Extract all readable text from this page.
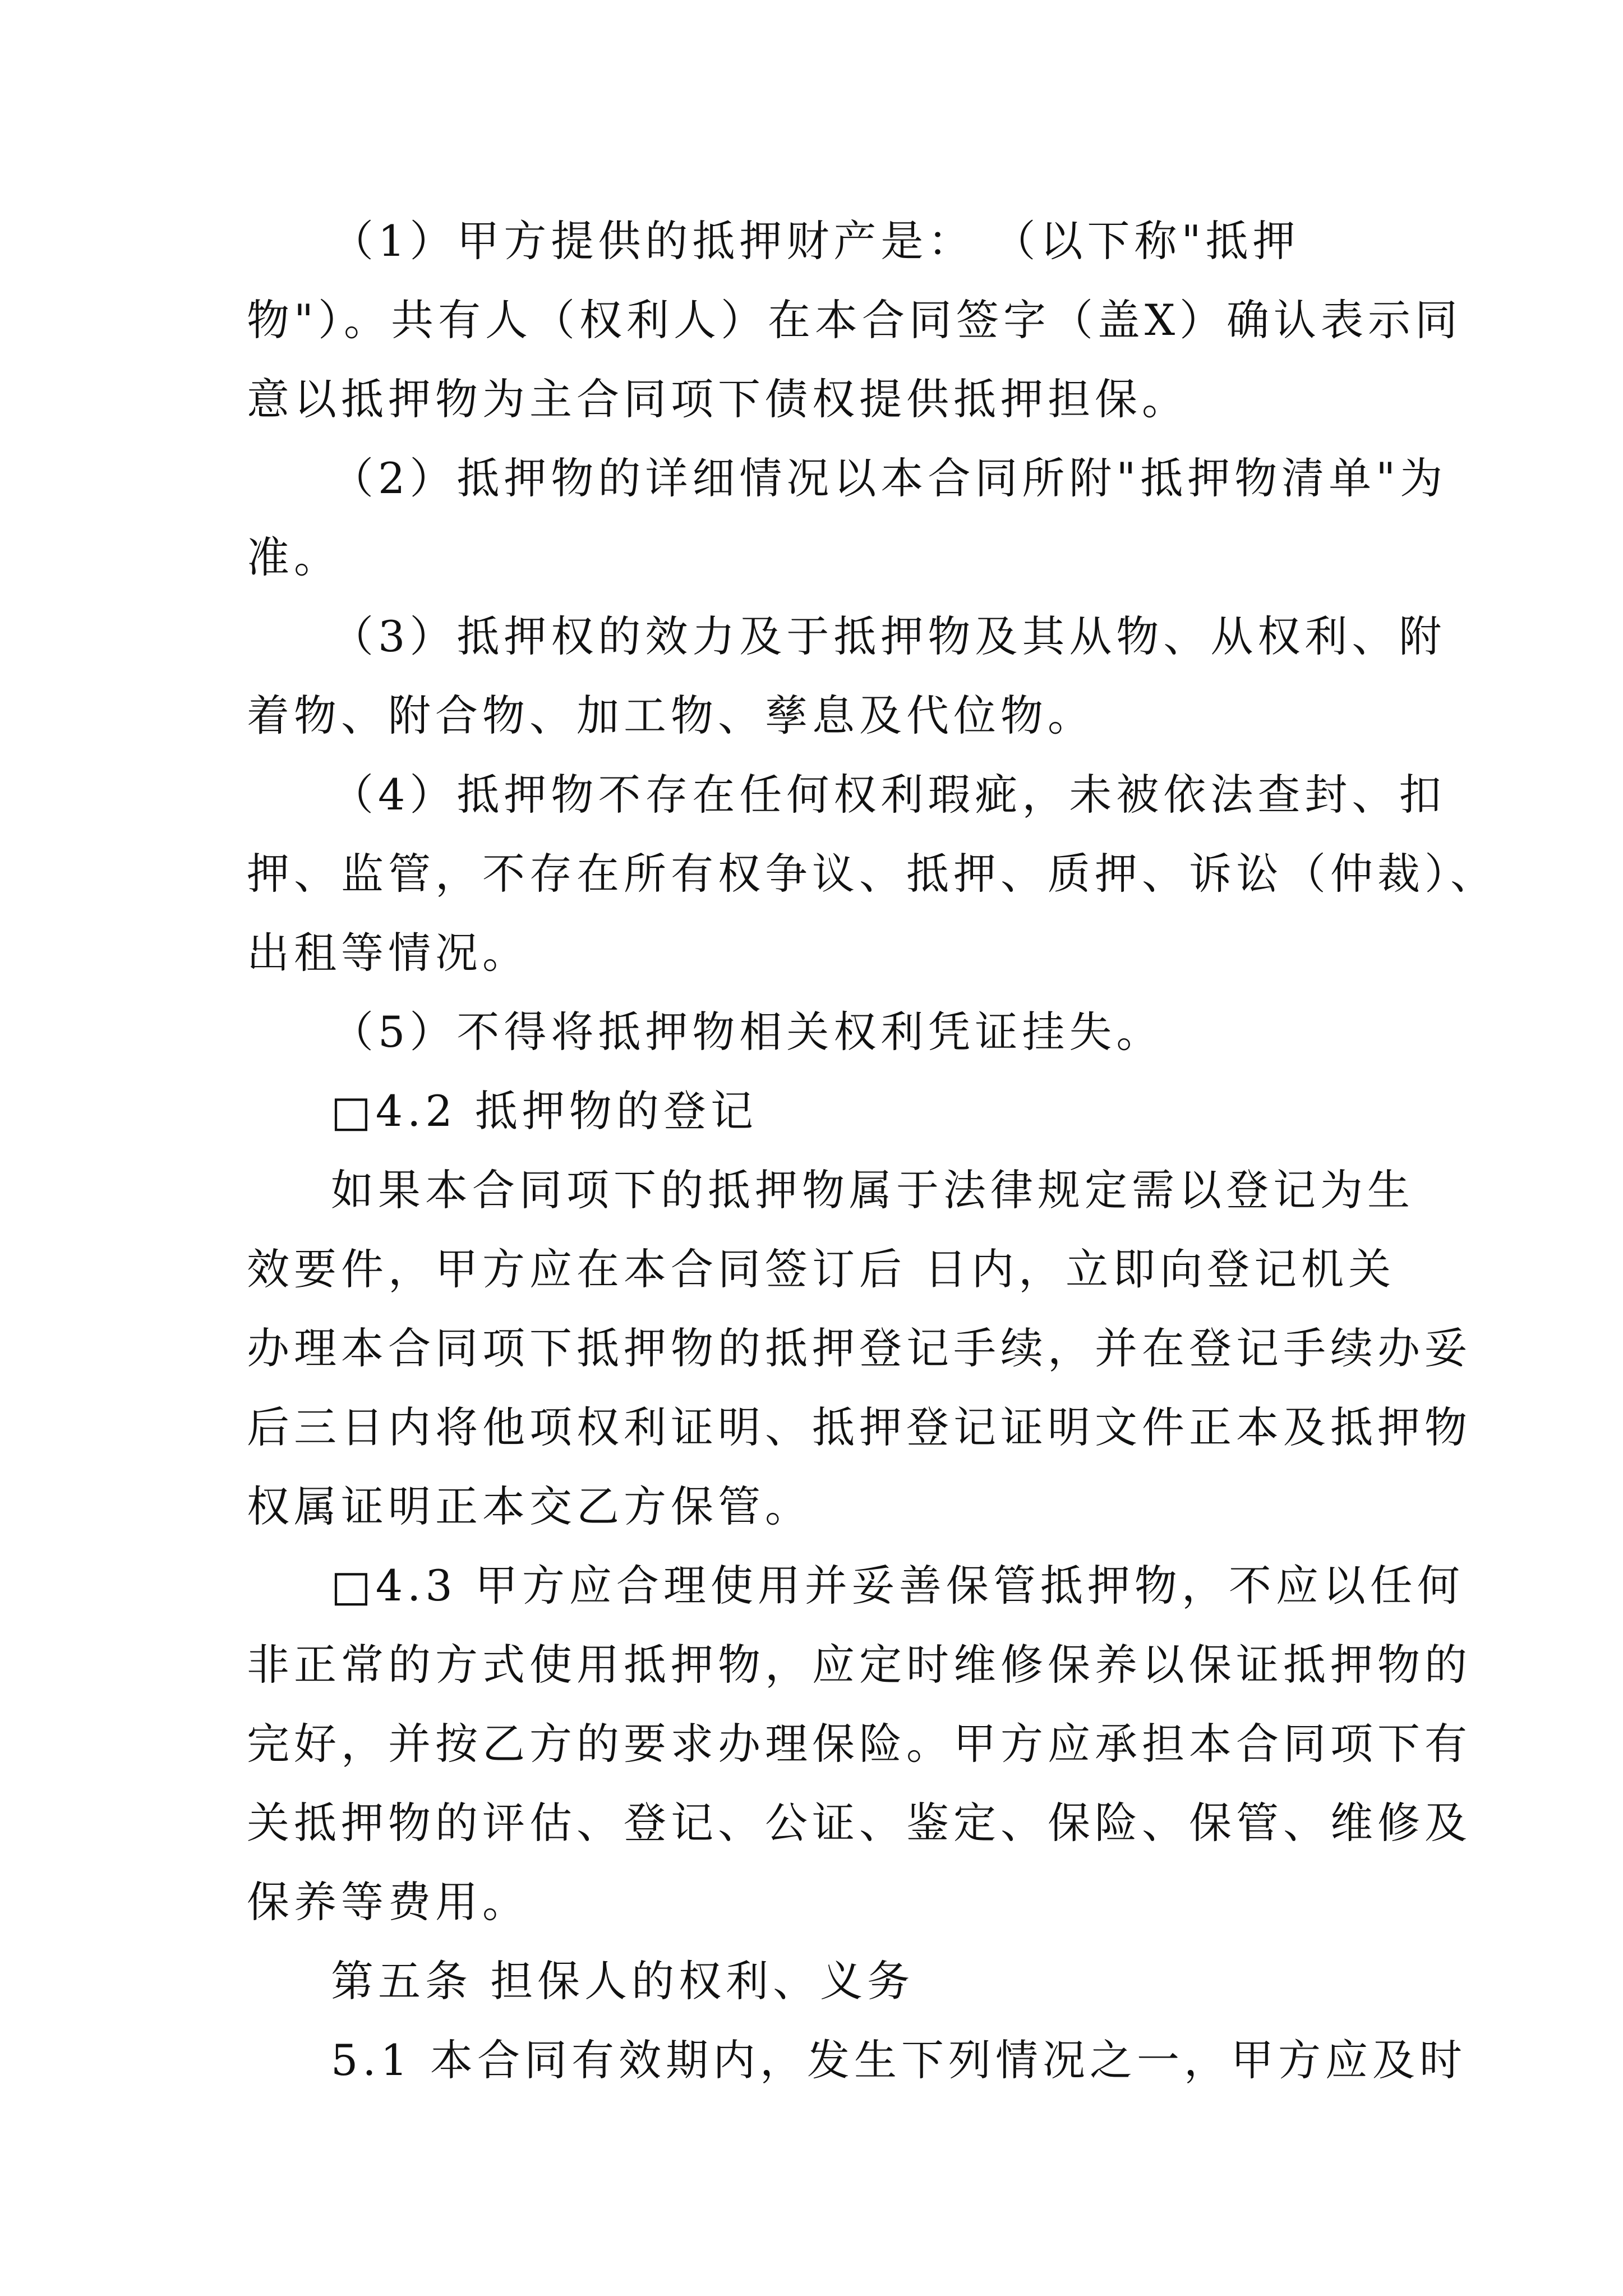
（1）甲方提供的抵押财产是： （以下称"抵押
物"）。共有人（权利人）在本合同签字（盖X）确认表示同
意以抵押物为主合同项下债权提供抵押担保。
（2）抵押物的详细情况以本合同所附"抵押物清单"为
准。
（3）抵押权的效力及于抵押物及其从物、从权利、附
着物、附合物、加工物、孳息及代位物。
（4）抵押物不存在任何权利瑕疵，未被依法查封、扣
押、监管，不存在所有权争议、抵押、质押、诉讼（仲裁）、
出租等情况。
（5）不得将抵押物相关权利凭证挂失。
□4.2 抵押物的登记
如果本合同项下的抵押物属于法律规定需以登记为生
效要件，甲方应在本合同签订后 日内，立即向登记机关
办理本合同项下抵押物的抵押登记手续，并在登记手续办妥
后三日内将他项权利证明、抵押登记证明文件正本及抵押物
权属证明正本交乙方保管。
□4.3 甲方应合理使用并妥善保管抵押物，不应以任何
非正常的方式使用抵押物，应定时维修保养以保证抵押物的
完好，并按乙方的要求办理保险。甲方应承担本合同项下有
关抵押物的评估、登记、公证、鉴定、保险、保管、维修及
保养等费用。
第五条 担保人的权利、义务
5.1 本合同有效期内，发生下列情况之一，甲方应及时
